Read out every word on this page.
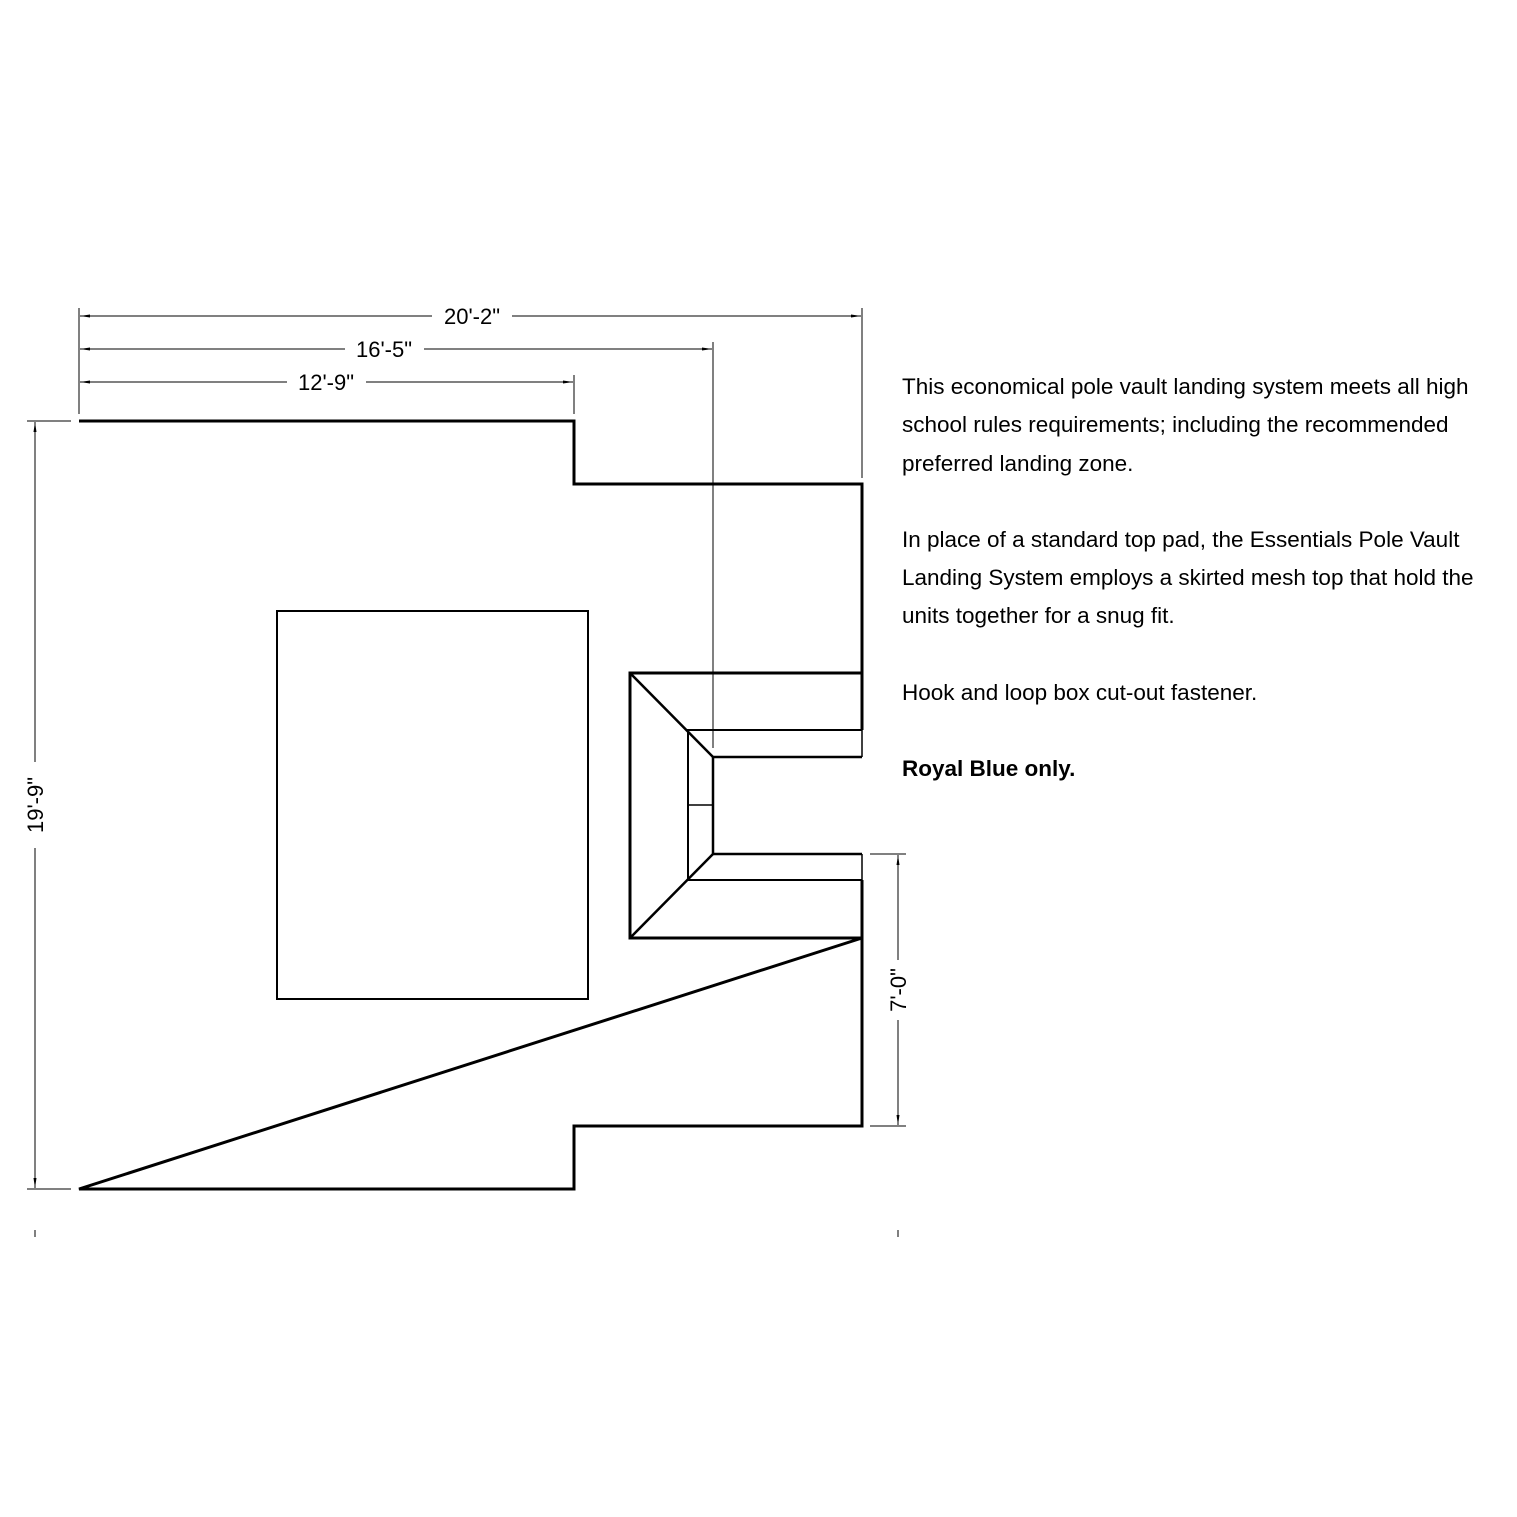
20'-2"
16'-5"
12'-9"
19'-9"
7'-0"

This economical pole vault landing system meets all high school rules requirements; including the recommended preferred landing zone.

In place of a standard top pad, the Essentials Pole Vault Landing System employs a skirted mesh top that hold the units together for a snug fit.

Hook and loop box cut-out fastener.

Royal Blue only.
